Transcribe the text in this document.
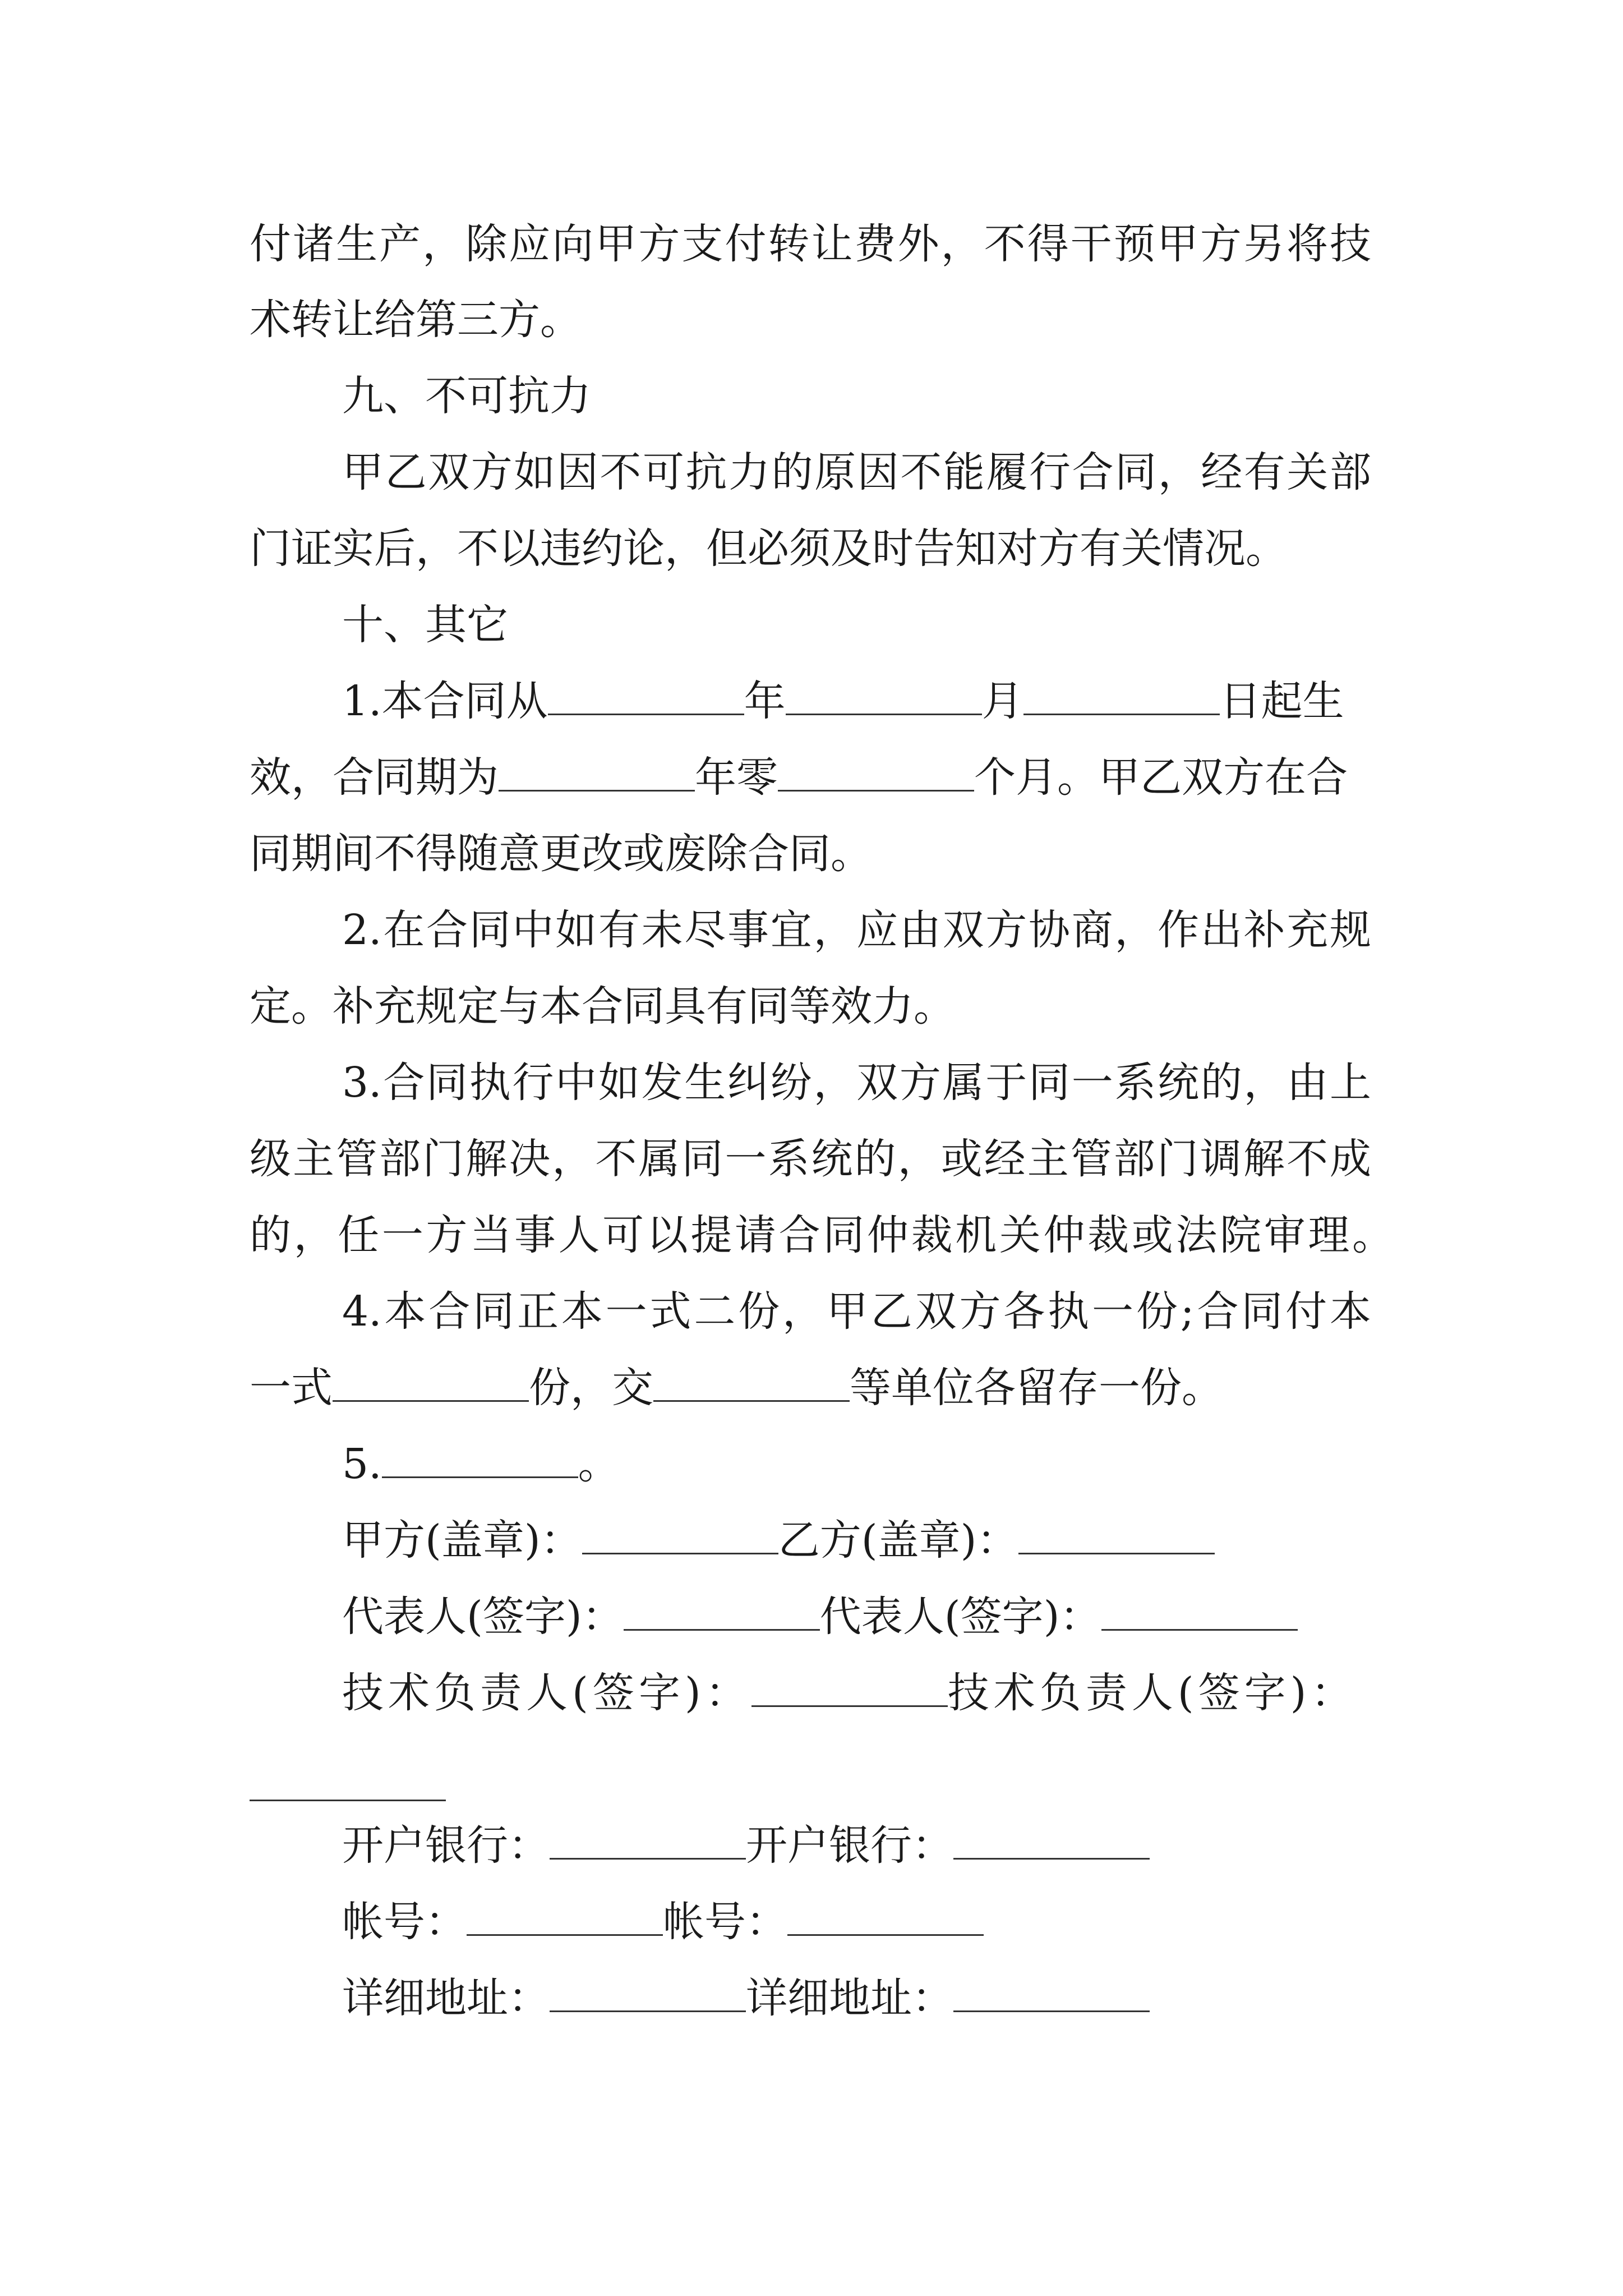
付诸生产，除应向甲方支付转让费外，不得干预甲方另将技
术转让给第三方。
九、不可抗力
甲乙双方如因不可抗力的原因不能履行合同，经有关部
门证实后，不以违约论，但必须及时告知对方有关情况。
十、其它
1.本合同从	年	月	日起生
效，合同期为	年零	个月。甲乙双方在合
同期间不得随意更改或废除合同。
2.在合同中如有未尽事宜，应由双方协商，作出补充规
定。补充规定与本合同具有同等效力。
3.合同执行中如发生纠纷，双方属于同一系统的，由上
级主管部门解决，不属同一系统的，或经主管部门调解不成
的，任一方当事人可以提请合同仲裁机关仲裁或法院审理。
4.本合同正本一式二份，甲乙双方各执一份;合同付本
一式	份，交	等单位各留存一份。
5.	。
甲方(盖章)：	乙方(盖章)：
代表人(签字)：	代表人(签字)：
技术负责人(签字)：	技术负责人(签字)：
开户银行：	开户银行：
帐号：	帐号：
详细地址：	详细地址：
